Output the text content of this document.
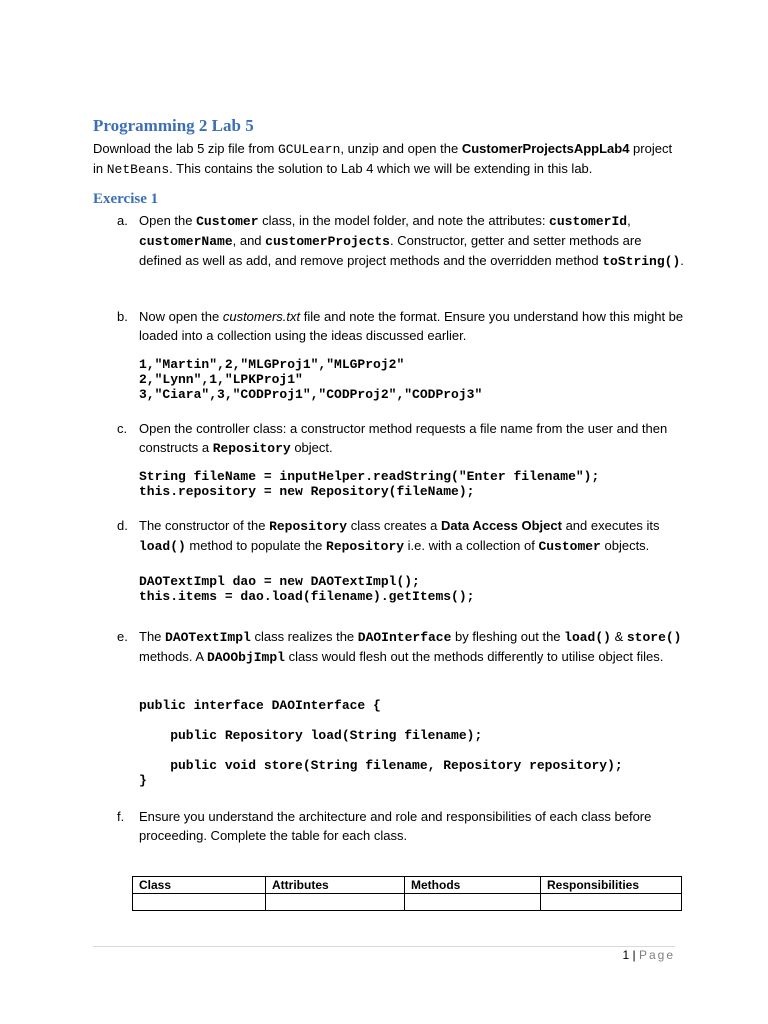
Programming 2 Lab 5
Download the lab 5 zip file from GCULearn, unzip and open the CustomerProjectsAppLab4 project in NetBeans. This contains the solution to Lab 4 which we will be extending in this lab.
Exercise 1
a. Open the Customer class, in the model folder, and note the attributes: customerId, customerName, and customerProjects. Constructor, getter and setter methods are defined as well as add, and remove project methods and the overridden method toString().
b. Now open the customers.txt file and note the format. Ensure you understand how this might be loaded into a collection using the ideas discussed earlier.
1,"Martin",2,"MLGProj1","MLGProj2"
2,"Lynn",1,"LPKProj1"
3,"Ciara",3,"CODProj1","CODProj2","CODProj3"
c. Open the controller class: a constructor method requests a file name from the user and then constructs a Repository object.
String fileName = inputHelper.readString("Enter filename");
this.repository = new Repository(fileName);
d. The constructor of the Repository class creates a Data Access Object and executes its load() method to populate the Repository i.e. with a collection of Customer objects.
DAOTextImpl dao = new DAOTextImpl();
this.items = dao.load(filename).getItems();
e. The DAOTextImpl class realizes the DAOInterface by fleshing out the load() & store() methods. A DAOObjImpl class would flesh out the methods differently to utilise object files.
public interface DAOInterface {
public Repository load(String filename);
public void store(String filename, Repository repository);
}
f. Ensure you understand the architecture and role and responsibilities of each class before proceeding. Complete the table for each class.
Class	Attributes	Methods	Responsibilities

1 | Page
